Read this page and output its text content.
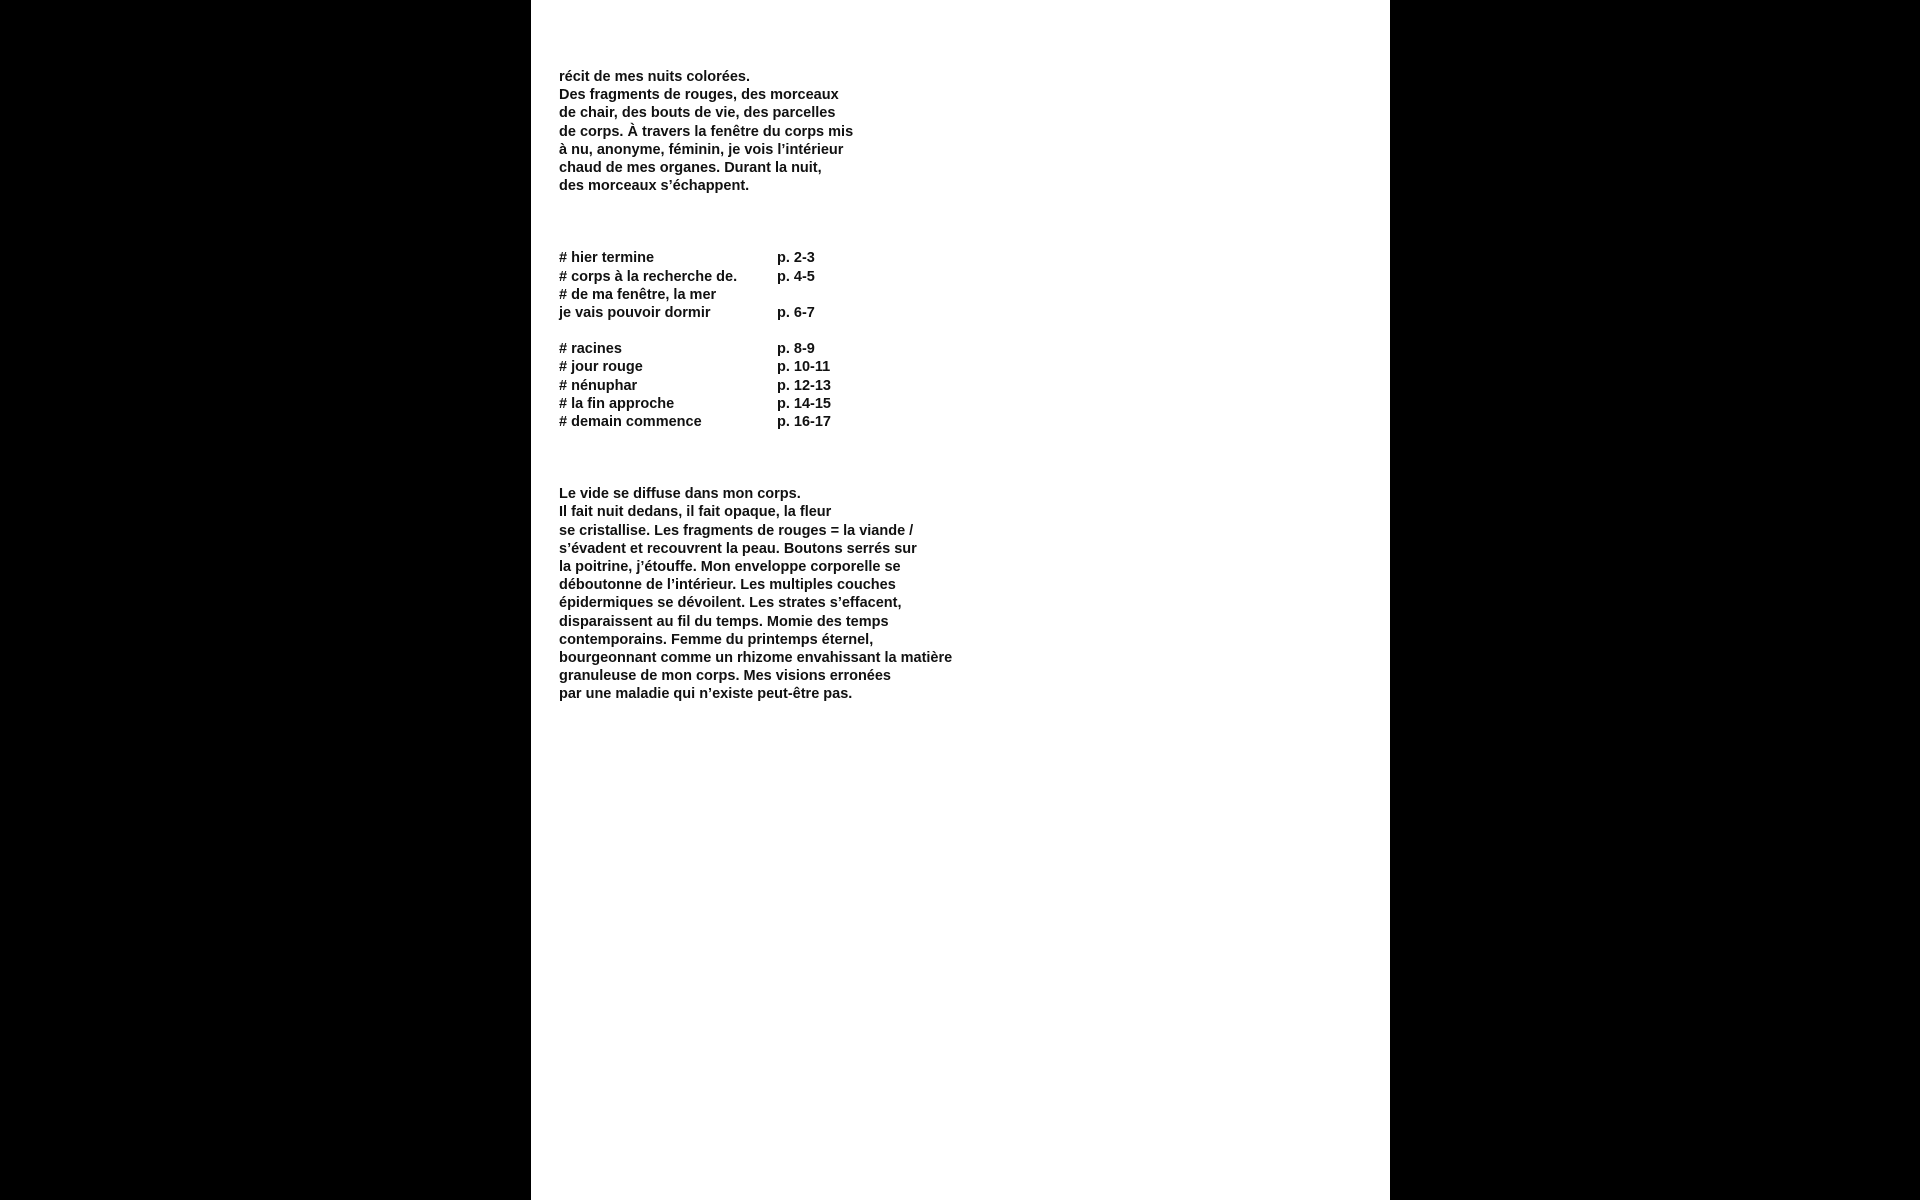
récit de mes nuits colorées.

Des fragments de rouges, des morceaux

de chair, des bouts de vie, des parcelles

de corps. À travers la fenêtre du corps mis

à nu, anonyme, féminin, je vois l’intérieur

chaud de mes organes. Durant la nuit,

des morceaux s’échappent.

# hier termine	p. 2-3
# corps à la recherche de.	p. 4-5
# de ma fenêtre, la mer
je vais pouvoir dormir	p. 6-7
# racines	p. 8-9
# jour rouge	p. 10-11
# nénuphar	p. 12-13
# la fin approche	p. 14-15
# demain commence	p. 16-17

Le vide se diffuse dans mon corps.

Il fait nuit dedans, il fait opaque, la fleur

se cristallise. Les fragments de rouges = la viande /

s’évadent et recouvrent la peau. Boutons serrés sur

la poitrine, j’étouffe. Mon enveloppe corporelle se

déboutonne de l’intérieur. Les multiples couches

épidermiques se dévoilent. Les strates s’effacent,

disparaissent au fil du temps. Momie des temps

contemporains. Femme du printemps éternel,

bourgeonnant comme un rhizome envahissant la matière

granuleuse de mon corps. Mes visions erronées

par une maladie qui n’existe peut-être pas.
